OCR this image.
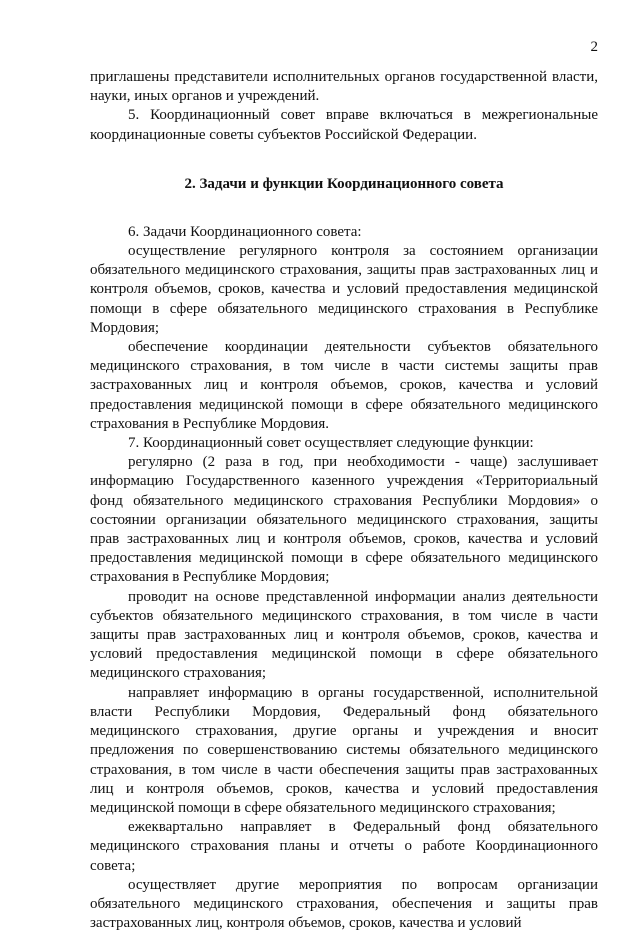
2

приглашены представители исполнительных органов государственной власти, науки, иных органов и учреждений.

5. Координационный совет вправе включаться в межрегиональные координационные советы субъектов Российской Федерации.

2. Задачи и функции Координационного совета

6. Задачи Координационного совета:

осуществление регулярного контроля за состоянием организации обязательного медицинского страхования, защиты прав застрахованных лиц и контроля объемов, сроков, качества и условий предоставления медицинской помощи в сфере обязательного медицинского страхования в Республике Мордовия;

обеспечение координации деятельности субъектов обязательного медицинского страхования, в том числе в части системы защиты прав застрахованных лиц и контроля объемов, сроков, качества и условий предоставления медицинской помощи в сфере обязательного медицинского страхования в Республике Мордовия.

7. Координационный совет осуществляет следующие функции:

регулярно (2 раза в год, при необходимости - чаще) заслушивает информацию Государственного казенного учреждения «Территориальный фонд обязательного медицинского страхования Республики Мордовия» о состоянии организации обязательного медицинского страхования, защиты прав застрахованных лиц и контроля объемов, сроков, качества и условий предоставления медицинской помощи в сфере обязательного медицинского страхования в Республике Мордовия;

проводит на основе представленной информации анализ деятельности субъектов обязательного медицинского страхования, в том числе в части защиты прав застрахованных лиц и контроля объемов, сроков, качества и условий предоставления медицинской помощи в сфере обязательного медицинского страхования;

направляет информацию в органы государственной, исполнительной власти Республики Мордовия, Федеральный фонд обязательного медицинского страхования, другие органы и учреждения и вносит предложения по совершенствованию системы обязательного медицинского страхования, в том числе в части обеспечения защиты прав застрахованных лиц и контроля объемов, сроков, качества и условий предоставления медицинской помощи в сфере обязательного медицинского страхования;

ежеквартально направляет в Федеральный фонд обязательного медицинского страхования планы и отчеты о работе Координационного совета;

осуществляет другие мероприятия по вопросам организации обязательного медицинского страхования, обеспечения и защиты прав застрахованных лиц, контроля объемов, сроков, качества и условий
